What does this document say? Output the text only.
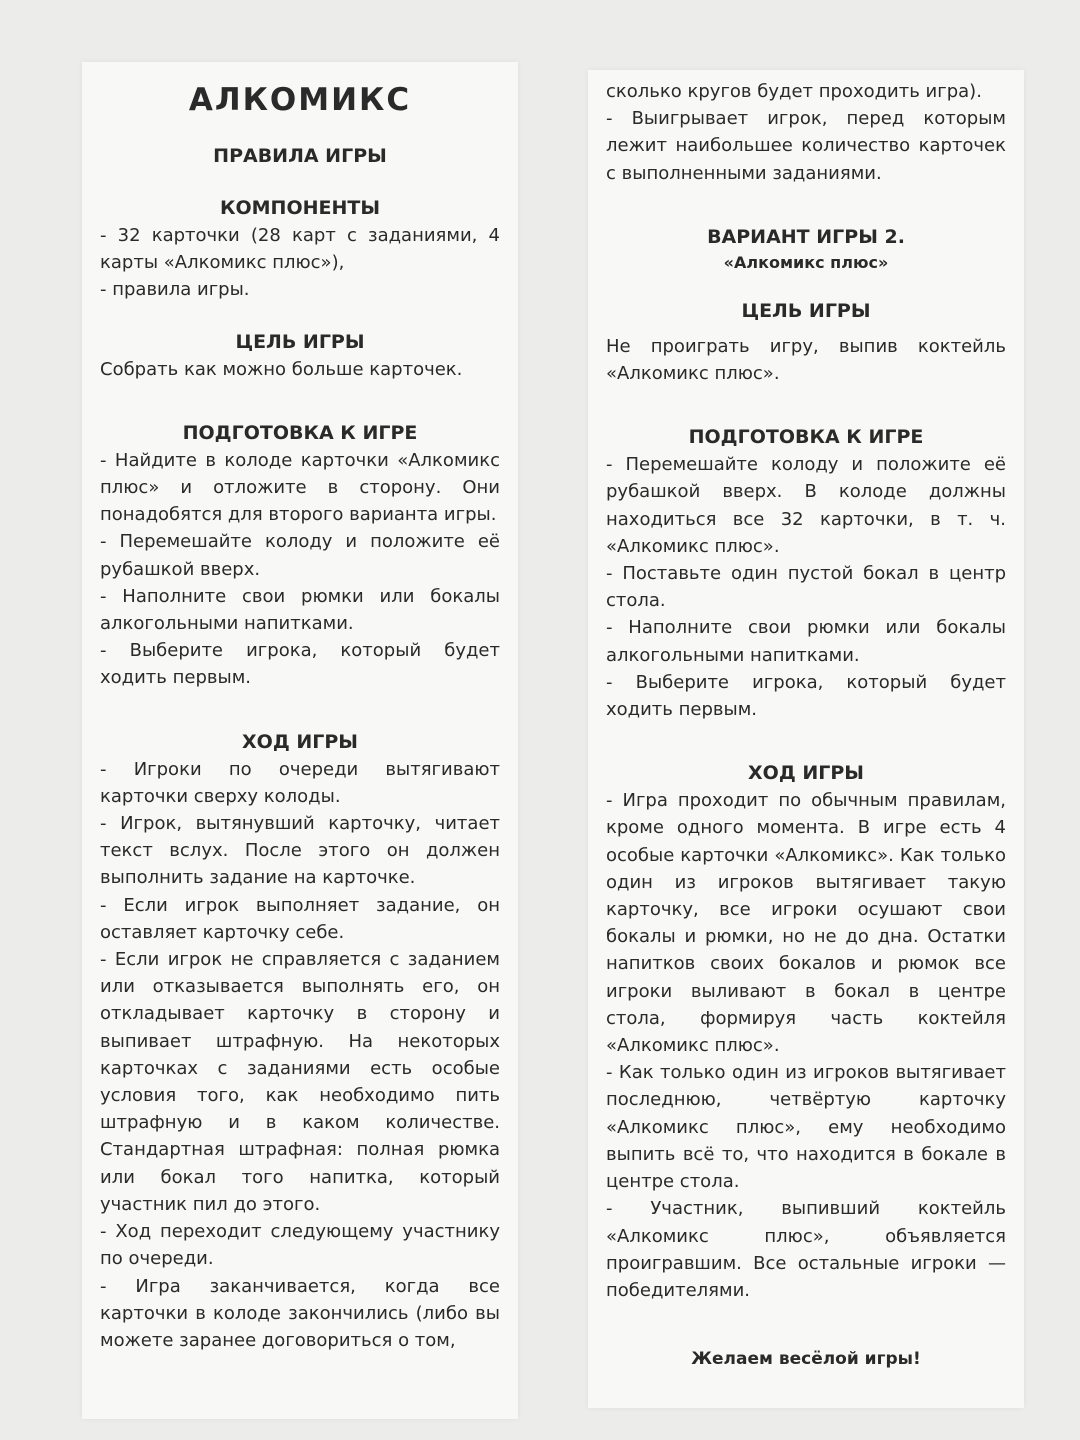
АЛКОМИКС
ПРАВИЛА ИГРЫ
КОМПОНЕНТЫ

- 32 карточки (28 карт с заданиями, 4 карты «Алкомикс плюс»),

- правила игры.

ЦЕЛЬ ИГРЫ

Собрать как можно больше карточек.

ПОДГОТОВКА К ИГРЕ

- Найдите в колоде карточки «Алкомикс плюс» и отложите в сторону. Они понадобятся для второго варианта игры.

- Перемешайте колоду и положите её рубашкой вверх.

- Наполните свои рюмки или бокалы алкогольными напитками.

- Выберите игрока, который будет ходить первым.

ХОД ИГРЫ

- Игроки по очереди вытягивают карточки сверху колоды.

- Игрок, вытянувший карточку, читает текст вслух. После этого он должен выполнить задание на карточке.

- Если игрок выполняет задание, он оставляет карточку себе.

- Если игрок не справляется с заданием или отказывается выполнять его, он откладывает карточку в сторону и выпивает штрафную. На некоторых карточках с заданиями есть особые условия того, как необходимо пить штрафную и в каком количестве. Стандартная штрафная: полная рюмка или бокал того напитка, который участник пил до этого.

- Ход переходит следующему участнику по очереди.

- Игра заканчивается, когда все карточки в колоде закончились (либо вы можете заранее договориться о том,

сколько кругов будет проходить игра).

- Выигрывает игрок, перед которым лежит наибольшее количество карточек с выполненными заданиями.

ВАРИАНТ ИГРЫ 2.
«Алкомикс плюс»
ЦЕЛЬ ИГРЫ

Не проиграть игру, выпив коктейль «Алкомикс плюс».

ПОДГОТОВКА К ИГРЕ

- Перемешайте колоду и положите её рубашкой вверх. В колоде должны находиться все 32 карточки, в т. ч. «Алкомикс плюс».

- Поставьте один пустой бокал в центр стола.

- Наполните свои рюмки или бокалы алкогольными напитками.

- Выберите игрока, который будет ходить первым.

ХОД ИГРЫ

- Игра проходит по обычным правилам, кроме одного момента. В игре есть 4 особые карточки «Алкомикс». Как только один из игроков вытягивает такую карточку, все игроки осушают свои бокалы и рюмки, но не до дна. Остатки напитков своих бокалов и рюмок все игроки выливают в бокал в центре стола, формируя часть коктейля «Алкомикс плюс».

- Как только один из игроков вытягивает последнюю, четвёртую карточку «Алкомикс плюс», ему необходимо выпить всё то, что находится в бокале в центре стола.

- Участник, выпивший коктейль «Алкомикс плюс», объявляется проигравшим. Все остальные игроки — победителями.

Желаем весёлой игры!
